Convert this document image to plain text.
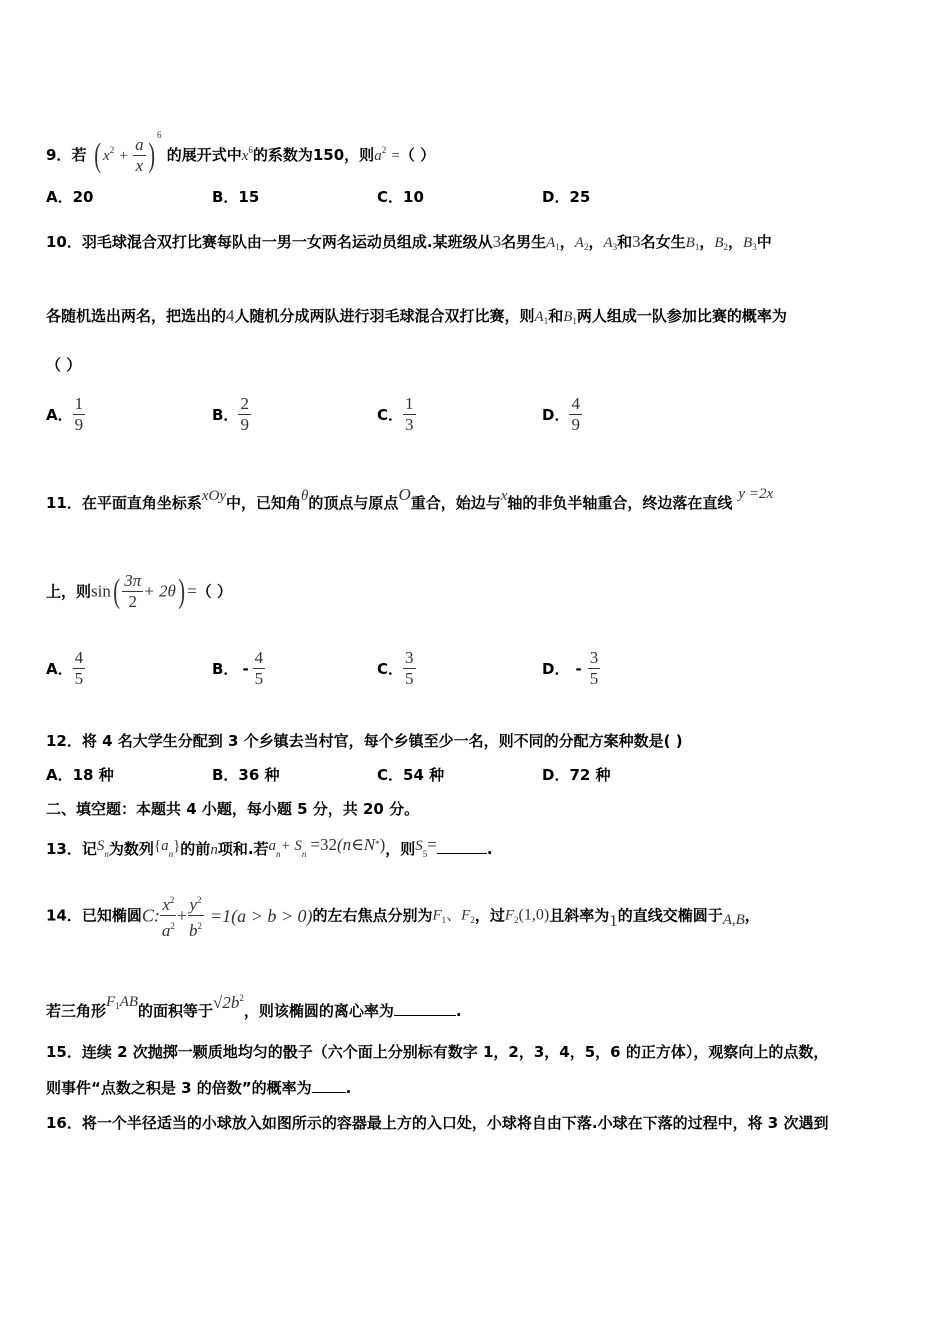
9．若 ( $x^2 + \frac{a}{x} )^6$ 的展开式中$x^6$的系数为150，则$a^2$ =（ ）
A．20	B．15	C．10	D．25
10．羽毛球混合双打比赛每队由一男一女两名运动员组成.某班级从3名男生$A_1$，$A_2$，$A_3$和3名女生$B_1$，$B_2$，$B_3$中
各随机选出两名，把选出的4人随机分成两队进行羽毛球混合双打比赛，则$A_1$和$B_1$两人组成一队参加比赛的概率为
（ ）
A． $\frac{1}{9}$	B． $\frac{2}{9}$	C． $\frac{1}{3}$	D． $\frac{4}{9}$
11．在平面直角坐标系xOy中，已知角θ的顶点与原点O重合，始边与x轴的非负半轴重合，终边落在直线 y =2x
上，则$\sin( \frac{3\pi}{2} + 2\theta)$ =（ ）
A． $\frac{4}{5}$	B． - $\frac{4}{5}$	C． $\frac{3}{5}$	D． - $\frac{3}{5}$
12．将 4 名大学生分配到 3 个乡镇去当村官，每个乡镇至少一名，则不同的分配方案种数是( )
A．18 种	B．36 种	C．54 种	D．72 种
二、填空题：本题共 4 小题，每小题 5 分，共 20 分。
13．记$S_n$为数列$\{a_n\}$的前n项和.若$a_n+ S_n$ =32(n∈N*)，则$S_5=$	.
14．已知椭圆C: $\frac{x^2}{a^2} + \frac{y^2}{b^2} =1(a > b > 0)$的左右焦点分别为$F_1$、$F_2$，过$F_2(1,0)$且斜率为1的直线交椭圆于A,B，
若三角形$F_1AB$的面积等于$√2b^2$，则该椭圆的离心率为	.
15．连续 2 次抛掷一颗质地均匀的骰子（六个面上分别标有数字 1，2，3，4，5，6 的正方体），观察向上的点数，
则事件“点数之积是 3 的倍数”的概率为 .
16．将一个半径适当的小球放入如图所示的容器最上方的入口处，小球将自由下落.小球在下落的过程中，将 3 次遇到
